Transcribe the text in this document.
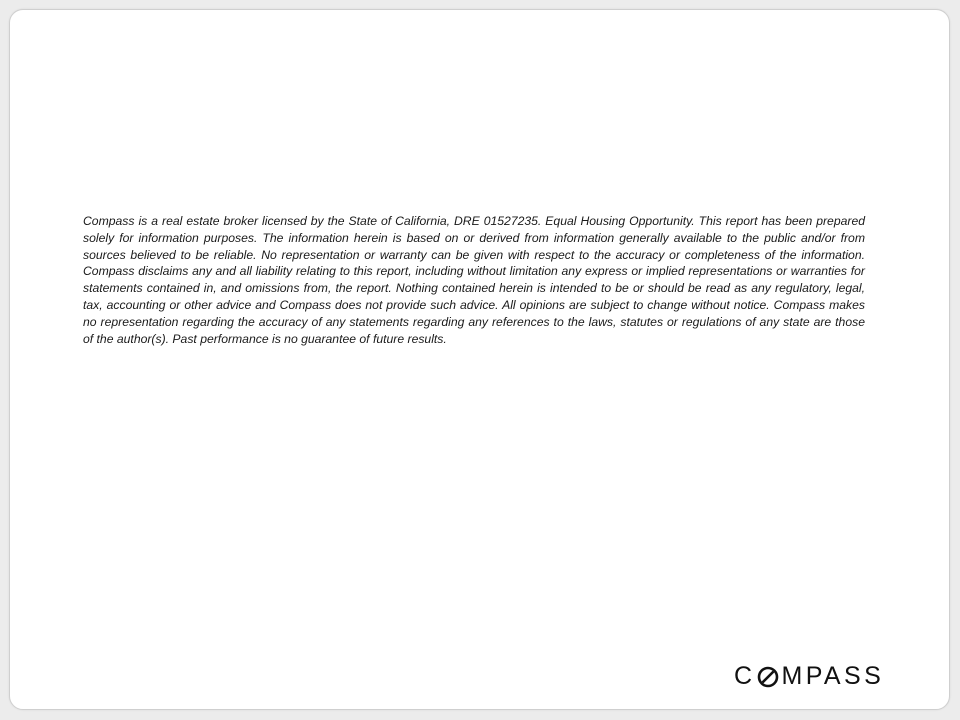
Compass is a real estate broker licensed by the State of California, DRE 01527235. Equal Housing Opportunity. This report has been prepared solely for information purposes. The information herein is based on or derived from information generally available to the public and/or from sources believed to be reliable. No representation or warranty can be given with respect to the accuracy or completeness of the information. Compass disclaims any and all liability relating to this report, including without limitation any express or implied representations or warranties for statements contained in, and omissions from, the report. Nothing contained herein is intended to be or should be read as any regulatory, legal, tax, accounting or other advice and Compass does not provide such advice. All opinions are subject to change without notice. Compass makes no representation regarding the accuracy of any statements regarding any references to the laws, statutes or regulations of any state are those of the author(s). Past performance is no guarantee of future results.

C MPASS
